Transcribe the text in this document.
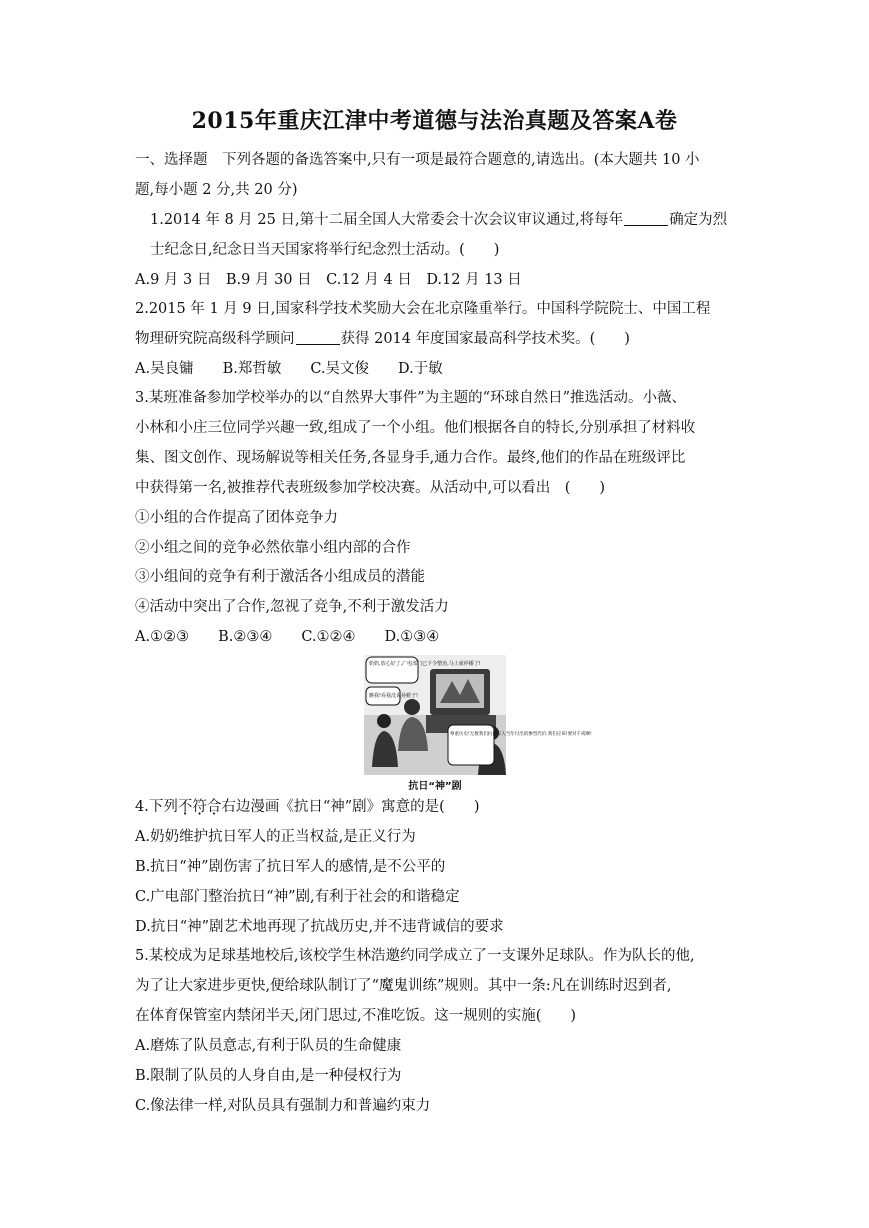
2015年重庆江津中考道德与法治真题及答案A卷
一、选择题　下列各题的备选答案中,只有一项是最符合题意的,请选出。(本大题共 10 小
题,每小题 2 分,共 20 分)
1.2014 年 8 月 25 日,第十二届全国人大常委会十次会议审议通过,将每年	确定为烈
士纪念日,纪念日当天国家将举行纪念烈士活动。(　　)
A.9 月 3 日　B.9 月 30 日　C.12 月 4 日　D.12 月 13 日
2.2015 年 1 月 9 日,国家科学技术奖励大会在北京隆重举行。中国科学院院士、中国工程
物理研究院高级科学顾问	获得 2014 年度国家最高科学技术奖。(　　)
A.吴良镛　　B.郑哲敏　　C.吴文俊　　D.于敏
3.某班准备参加学校举办的以“自然界大事件”为主题的“环球自然日”推选活动。小薇、
小林和小庄三位同学兴趣一致,组成了一个小组。他们根据各自的特长,分别承担了材料收
集、图文创作、现场解说等相关任务,各显身手,通力合作。最终,他们的作品在班级评比
中获得第一名,被推荐代表班级参加学校决赛。从活动中,可以看出　(　　)
①小组的合作提高了团体竞争力
②小组之间的竞争必然依靠小组内部的合作
③小组间的竞争有利于激活各小组成员的潜能
④活动中突出了合作,忽视了竞争,不利于激发活力
A.①②③　　B.②③④　　C.①②④　　D.①③④
奶奶,放心好了,广电部门已下令整治,马上就停播了!
瞧我!看我没说孙猴子!
尊重历史!无数我们抗日军人当年付出的惨烈代价,我们应该!要对千戒啊!
抗日“神”剧
4.下列不符合右边漫画《抗日“神”剧》寓意的是(　　)
A.奶奶维护抗日军人的正当权益,是正义行为
B.抗日“神”剧伤害了抗日军人的感情,是不公平的
C.广电部门整治抗日“神”剧,有利于社会的和谐稳定
D.抗日“神”剧艺术地再现了抗战历史,并不违背诚信的要求
5.某校成为足球基地校后,该校学生林浩邀约同学成立了一支课外足球队。作为队长的他,
为了让大家进步更快,便给球队制订了“魔鬼训练”规则。其中一条:凡在训练时迟到者,
在体育保管室内禁闭半天,闭门思过,不准吃饭。这一规则的实施(　　)
A.磨炼了队员意志,有利于队员的生命健康
B.限制了队员的人身自由,是一种侵权行为
C.像法律一样,对队员具有强制力和普遍约束力
